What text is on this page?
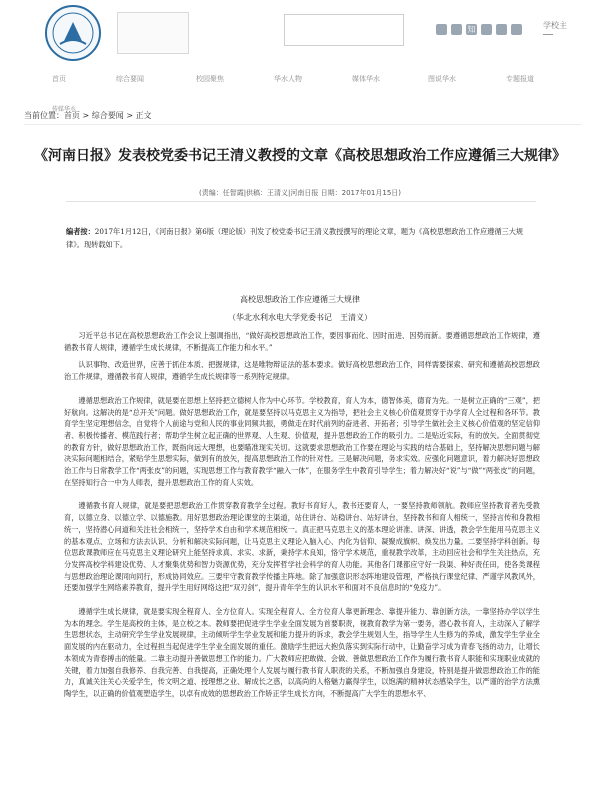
知	学校主
首页	综合要闻	校园聚焦	华水人物	媒体华水	图说华水	专题报道
传媒华水
当前位置：首页 > 综合要闻 > 正文
《河南日报》发表校党委书记王清义教授的文章《高校思想政治工作应遵循三大规律》
(责编：任智霞|供稿：王清义|河南日报 日期：2017年01月15日)
编者按：2017年1月12日，《河南日报》第6版（理论版）刊发了校党委书记王清义教授撰写的理论文章，题为《高校思想政治工作应遵循三大规律》。现转载如下。
高校思想政治工作应遵循三大规律
（华北水利水电大学党委书记　王清义）

习近平总书记在高校思想政治工作会议上强调指出，“做好高校思想政治工作，要因事而化、因时而进、因势而新。要遵循思想政治工作规律，遵循教书育人规律，遵循学生成长规律，不断提高工作能力和水平。”

认识事物、改造世界，应善于抓住本质、把握规律，这是唯物辩证法的基本要求。做好高校思想政治工作，同样需要探索、研究和遵循高校思想政治工作规律，遵循教书育人规律，遵循学生成长规律等一系列特定规律。

遵循思想政治工作规律，就是要在思想上坚持把立德树人作为中心环节。学校教育，育人为本，德智体美，德育为先。一是树立正确的“三观”，把好航向。这解决的是“总开关”问题。做好思想政治工作，就是要坚持以马克思主义为指导，把社会主义核心价值观贯穿于办学育人全过程和各环节。教育学生坚定理想信念，自觉将个人前途与党和人民的事业同频共振，勇做走在时代前列的奋进者、开拓者；引导学生做社会主义核心价值观的坚定信仰者、积极传播者、模范践行者；帮助学生树立起正确的世界观、人生观、价值观，提升思想政治工作的吸引力。二是贴近实际，有的放矢。全面贯彻党的教育方针，做好思想政治工作，既指向远大理想，也要瞄准现实关切。这就要求思想政治工作要在理论与实践的结合基础上，坚持解决思想问题与解决实际问题相结合，紧贴学生思想实际，做到有的放矢，提高思想政治工作的针对性。三是解决问题，务求实效。应强化问题意识，着力解决好思想政治工作与日常教学工作“两张皮”的问题，实现思想工作与教育教学“融入一体”，在服务学生中教育引导学生；着力解决好“说”与“做”“两张皮”的问题，在坚持知行合一中为人师表，提升思想政治工作的育人实效。

遵循教书育人规律，就是要把思想政治工作贯穿教育教学全过程。教好书育好人，教书还要育人，一要坚持教师领航。教师应坚持教育者先受教育，以德立身、以德立学、以德施教。用好思想政治理论课堂的主渠道，站住讲台、站稳讲台、站好讲台，坚持教书和育人相统一，坚持言传和身教相统一，坚持潜心问道和关注社会相统一，坚持学术自由和学术规范相统一。真正把马克思主义的基本理论讲准、讲深、讲透，教会学生能用马克思主义的基本观点、立场和方法去认识、分析和解决实际问题，让马克思主义理论入脑入心、内化为信仰、凝聚成旗帜、焕发出力量。二要坚持学科创新。每位思政课教师应在马克思主义理论研究上能坚持求真、求实、求新，秉持学术良知，恪守学术规范，重视教学改革，主动回应社会和学生关注热点，充分发挥高校学科建设优势、人才聚集优势和智力资源优势，充分发挥哲学社会科学的育人功能。其他各门课都应守好一段渠、种好责任田，使各类课程与思想政治理论课同向同行，形成协同效应。三要牢守教育教学传播主阵地。除了加强意识形态阵地建设管理，严格执行课堂纪律、严谨学风教风外，还要加强学生网络素养教育，提升学生用好网络这把“双刃剑”，提升青年学生的认识水平和面对不良信息时的“免疫力”。

遵循学生成长规律，就是要实现全程育人、全方位育人。实现全程育人、全方位育人靠更新理念、靠提升能力、靠创新方法，一靠坚持办学以学生为本的理念。学生是高校的主体，是立校之本。教师要把促进学生学业全面发展为首要职责，视教育教学为第一要务，潜心教书育人，主动深入了解学生思想状态，主动研究学生学业发展规律，主动倾听学生学业发展和能力提升的诉求，教会学生规划人生，指导学生人生修为的养成，激发学生学业全面发展的内在驱动力，全过程担当起促进学生学业全面发展的重任。激励学生把远大抱负落实到实际行动中，让勤奋学习成为青春飞扬的动力，让增长本领成为青春搏击的能量。二靠主动提升善做思想工作的能力。广大教师应把敢做、会做、善做思想政治工作作为履行教书育人职能和实现职业成就的关键，着力加强自我修养、自我完善、自我提高，正确处理个人发展与履行教书育人职责的关系，不断加强自身建设，特别是提升做思想政治工作的能力，真诚关注关心关爱学生，传文明之道、授理想之业、解成长之惑，以高尚的人格魅力赢得学生，以饱满的精神状态感染学生，以严谨的治学方法熏陶学生，以正确的价值观塑造学生，以卓有成效的思想政治工作矫正学生成长方向，不断提高广大学生的思想水平、
